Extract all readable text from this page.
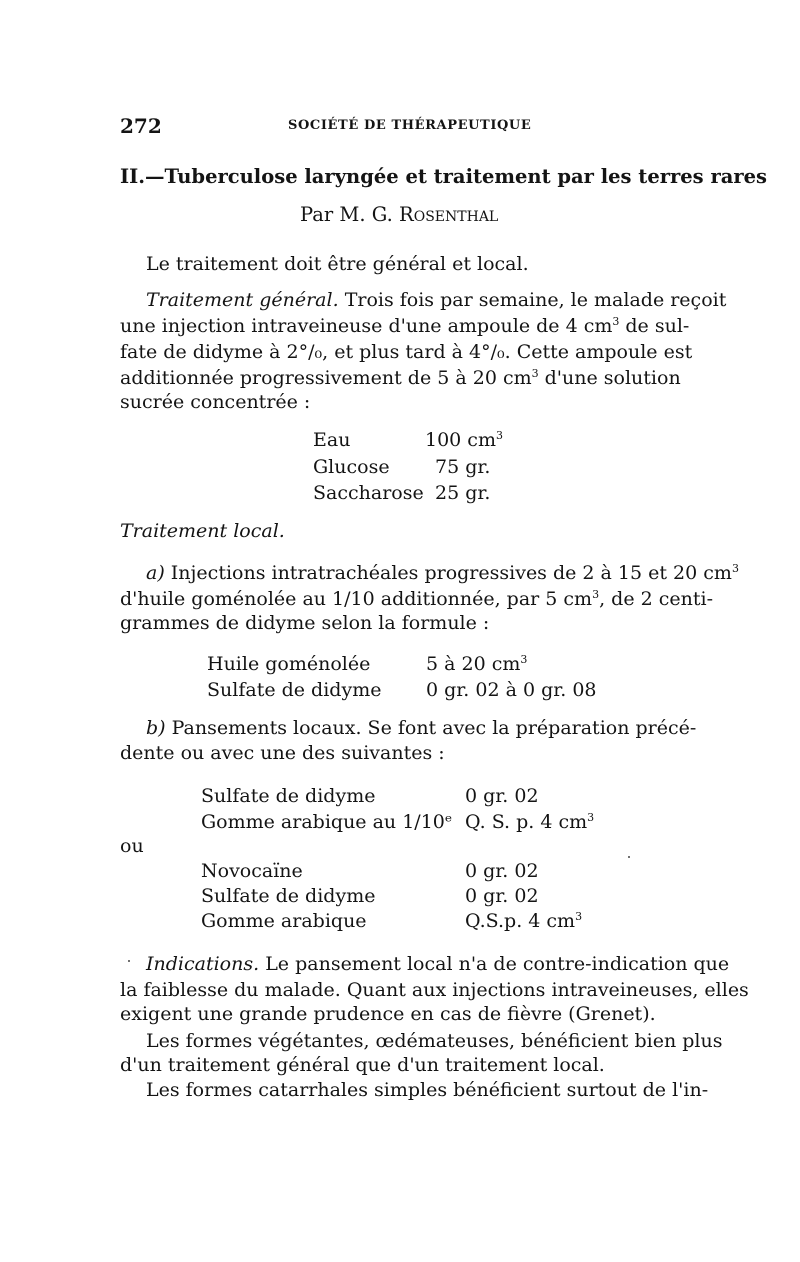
272	SOCIÉTÉ DE THÉRAPEUTIQUE
II.—Tuberculose laryngée et traitement par les terres rares
Par M. G. Rosenthal
Le traitement doit être général et local.
Traitement général. Trois fois par semaine, le malade reçoit
une injection intraveineuse d'une ampoule de 4 $cm^3$ de sul-
fate de didyme à 2°/₀, et plus tard à 4°/₀. Cette ampoule est
additionnée progressivement de 5 à 20 $cm^3$ d'une solution
sucrée concentrée :
Eau	100 $cm^3$
Glucose 75 gr.
Saccharose 25 gr.
Traitement local.
a) Injections intratrachéales progressives de 2 à 15 et 20 $cm^3$
d'huile goménolée au 1/10 additionnée, par 5 $cm^3$, de 2 centi-
grammes de didyme selon la formule :
Huile goménolée	5 à 20 $cm^3$
Sulfate de didyme 0 gr. 02 à 0 gr. 08
b) Pansements locaux. Se font avec la préparation précé-
dente ou avec une des suivantes :
Sulfate de didyme	0 gr. 02
Gomme arabique au 1/10ᵉ Q. S. p. 4 $cm^3$
ou
Novocaïne	0 gr. 02
Sulfate de didyme	0 gr. 02
Gomme arabique	Q.S.p. 4 $cm^3$
Indications. Le pansement local n'a de contre-indication que
la faiblesse du malade. Quant aux injections intraveineuses, elles
exigent une grande prudence en cas de fièvre (Grenet).
Les formes végétantes, œdémateuses, bénéficient bien plus
d'un traitement général que d'un traitement local.
Les formes catarrhales simples bénéficient surtout de l'in-
